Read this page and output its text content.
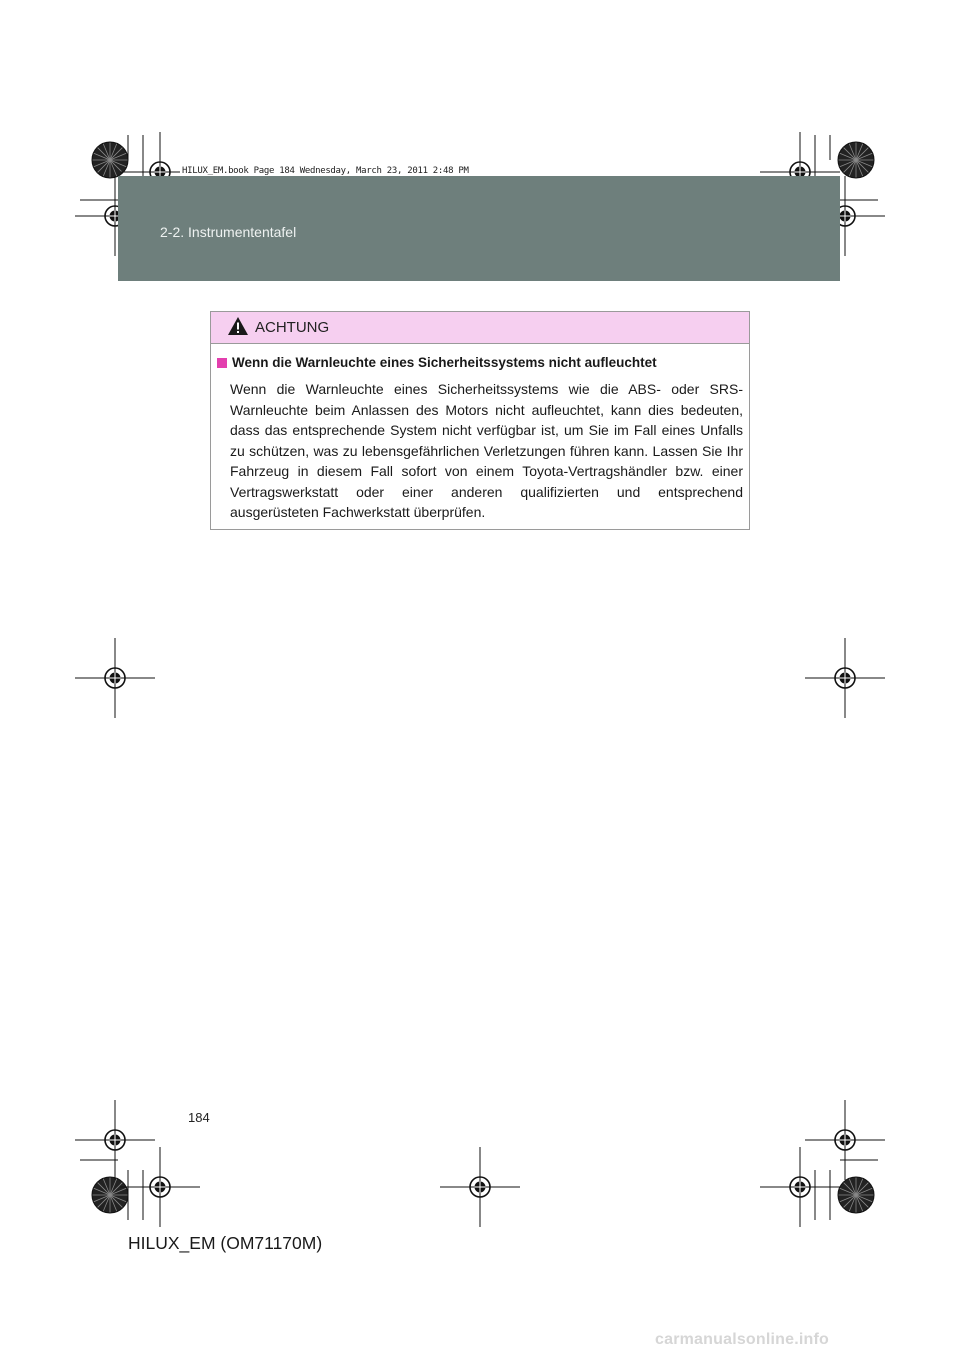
2-2. Instrumententafel
HILUX_EM.book Page 184 Wednesday, March 23, 2011 2:48 PM
ACHTUNG
Wenn die Warnleuchte eines Sicherheitssystems nicht aufleuchtet
Wenn die Warnleuchte eines Sicherheitssystems wie die ABS- oder SRS-Warnleuchte beim Anlassen des Motors nicht aufleuchtet, kann dies bedeuten, dass das entsprechende System nicht verfügbar ist, um Sie im Fall eines Unfalls zu schützen, was zu lebensgefährlichen Verletzungen führen kann. Lassen Sie Ihr Fahrzeug in diesem Fall sofort von einem Toyota-Vertragshändler bzw. einer Vertragswerkstatt oder einer anderen qualifizierten und entsprechend ausgerüsteten Fachwerkstatt überprüfen.
184
HILUX_EM (OM71170M)
carmanualsonline.info
